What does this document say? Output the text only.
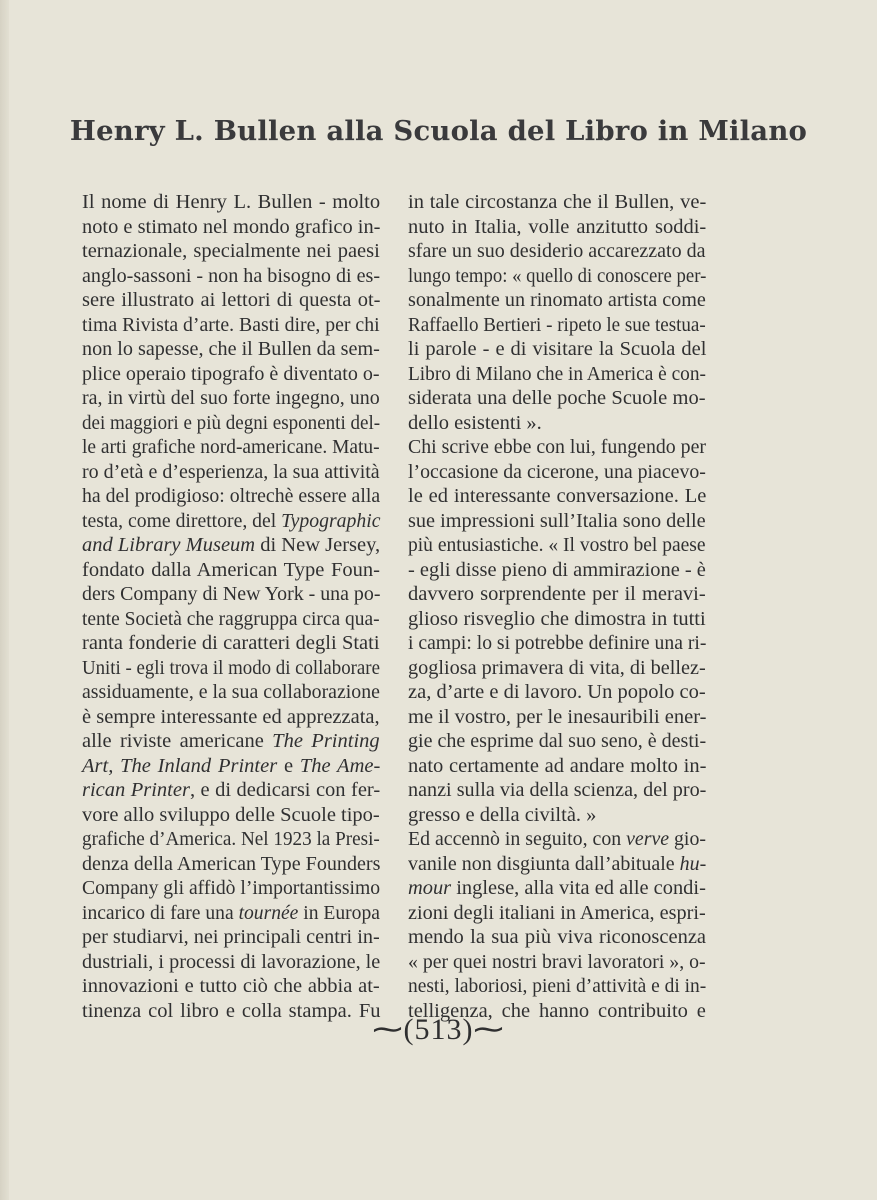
Henry L. Bullen alla Scuola del Libro in Milano
Il nome di Henry L. Bullen - molto
noto e stimato nel mondo grafico in-
ternazionale, specialmente nei paesi
anglo-sassoni - non ha bisogno di es-
sere illustrato ai lettori di questa ot-
tima Rivista d’arte. Basti dire, per chi
non lo sapesse, che il Bullen da sem-
plice operaio tipografo è diventato o-
ra, in virtù del suo forte ingegno, uno
dei maggiori e più degni esponenti del-
le arti grafiche nord-americane. Matu-
ro d’età e d’esperienza, la sua attività
ha del prodigioso: oltrechè essere alla
testa, come direttore, del Typographic
and Library Museum di New Jersey,
fondato dalla American Type Foun-
ders Company di New York - una po-
tente Società che raggruppa circa qua-
ranta fonderie di caratteri degli Stati
Uniti - egli trova il modo di collaborare
assiduamente, e la sua collaborazione
è sempre interessante ed apprezzata,
alle riviste americane The Printing
Art, The Inland Printer e The Ame-
rican Printer, e di dedicarsi con fer-
vore allo sviluppo delle Scuole tipo-
grafiche d’America. Nel 1923 la Presi-
denza della American Type Founders
Company gli affidò l’importantissimo
incarico di fare una tournée in Europa
per studiarvi, nei principali centri in-
dustriali, i processi di lavorazione, le
innovazioni e tutto ciò che abbia at-
tinenza col libro e colla stampa. Fu
in tale circostanza che il Bullen, ve-
nuto in Italia, volle anzitutto soddi-
sfare un suo desiderio accarezzato da
lungo tempo: « quello di conoscere per-
sonalmente un rinomato artista come
Raffaello Bertieri - ripeto le sue testua-
li parole - e di visitare la Scuola del
Libro di Milano che in America è con-
siderata una delle poche Scuole mo-
dello esistenti ».
Chi scrive ebbe con lui, fungendo per
l’occasione da cicerone, una piacevo-
le ed interessante conversazione. Le
sue impressioni sull’Italia sono delle
più entusiastiche. « Il vostro bel paese
- egli disse pieno di ammirazione - è
davvero sorprendente per il meravi-
glioso risveglio che dimostra in tutti
i campi: lo si potrebbe definire una ri-
gogliosa primavera di vita, di bellez-
za, d’arte e di lavoro. Un popolo co-
me il vostro, per le inesauribili ener-
gie che esprime dal suo seno, è desti-
nato certamente ad andare molto in-
nanzi sulla via della scienza, del pro-
gresso e della civiltà. »
Ed accennò in seguito, con verve gio-
vanile non disgiunta dall’abituale hu-
mour inglese, alla vita ed alle condi-
zioni degli italiani in America, espri-
mendo la sua più viva riconoscenza
« per quei nostri bravi lavoratori », o-
nesti, laboriosi, pieni d’attività e di in-
telligenza, che hanno contribuito e
⁓(513)⁓
